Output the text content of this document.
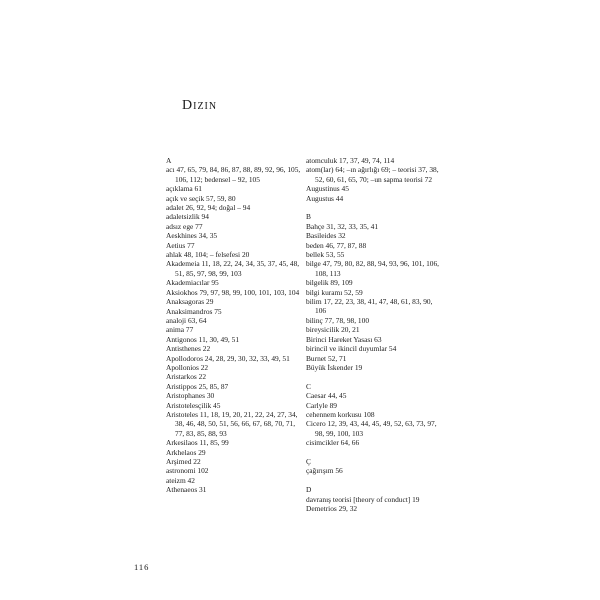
Dizin
A
acı 47, 65, 79, 84, 86, 87, 88, 89, 92, 96, 105, 106, 112; bedensel – 92, 105
açıklama 61
açık ve seçik 57, 59, 80
adalet 26, 92, 94; doğal – 94
adaletsizlik 94
adsız ege 77
Aeskhines 34, 35
Aetius 77
ahlak 48, 104; – felsefesi 20
Akademeia 11, 18, 22, 24, 34, 35, 37, 45, 48, 51, 85, 97, 98, 99, 103
Akademiacılar 95
Aksiokhos 79, 97, 98, 99, 100, 101, 103, 104
Anaksagoras 29
Anaksimandros 75
analoji 63, 64
anima 77
Antigonos 11, 30, 49, 51
Antisthenes 22
Apollodoros 24, 28, 29, 30, 32, 33, 49, 51
Apollonios 22
Aristarkos 22
Aristippos 25, 85, 87
Aristophanes 30
Aristotelesçilik 45
Aristoteles 11, 18, 19, 20, 21, 22, 24, 27, 34, 38, 46, 48, 50, 51, 56, 66, 67, 68, 70, 71, 77, 83, 85, 88, 93
Arkesilaos 11, 85, 99
Arkhelaos 29
Arşimed 22
astronomi 102
ateizm 42
Athenaeos 31
atomculuk 17, 37, 49, 74, 114
atom(lar) 64; –ın ağırlığı 69; – teorisi 37, 38, 52, 60, 61, 65, 70; –un sapma teorisi 72
Augustinus 45
Augustus 44
B
Bahçe 31, 32, 33, 35, 41
Basileides 32
beden 46, 77, 87, 88
bellek 53, 55
bilge 47, 79, 80, 82, 88, 94, 93, 96, 101, 106, 108, 113
bilgelik 89, 109
bilgi kuramı 52, 59
bilim 17, 22, 23, 38, 41, 47, 48, 61, 83, 90, 106
bilinç 77, 78, 98, 100
bireysicilik 20, 21
Birinci Hareket Yasası 63
birincil ve ikincil duyumlar 54
Burnet 52, 71
Büyük İskender 19
C
Caesar 44, 45
Carlyle 89
cehennem korkusu 108
Cicero 12, 39, 43, 44, 45, 49, 52, 63, 73, 97, 98, 99, 100, 103
cisimcikler 64, 66
Ç
çağırışım 56
D
davranış teorisi [theory of conduct] 19
Demetrios 29, 32
116
